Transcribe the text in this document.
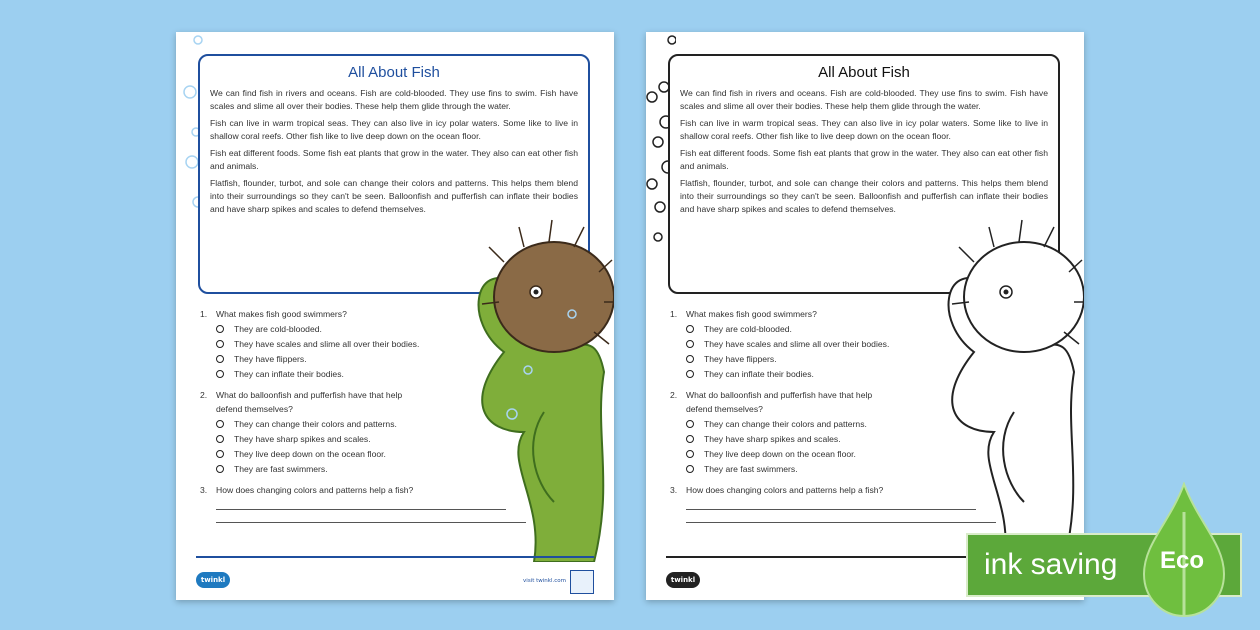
All About Fish

We can find fish in rivers and oceans. Fish are cold-blooded. They use fins to swim. Fish have scales and slime all over their bodies. These help them glide through the water.

Fish can live in warm tropical seas. They can also live in icy polar waters. Some like to live in shallow coral reefs. Other fish like to live deep down on the ocean floor.

Fish eat different foods. Some fish eat plants that grow in the water. They also can eat other fish and animals.

Flatfish, flounder, turbot, and sole can change their colors and patterns. This helps them blend into their surroundings so they can't be seen. Balloonfish and pufferfish can inflate their bodies and have sharp spikes and scales to defend themselves.

1.	What makes fish good swimmers?
They are cold-blooded.
They have scales and slime all over their bodies.
They have flippers.
They can inflate their bodies.
2.	What do balloonfish and pufferfish have that help defend themselves?
They can change their colors and patterns.
They have sharp spikes and scales.
They live deep down on the ocean floor.
They are fast swimmers.
3.	How does changing colors and patterns help a fish?
twinkl	visit twinkl.com
All About Fish

We can find fish in rivers and oceans. Fish are cold-blooded. They use fins to swim. Fish have scales and slime all over their bodies. These help them glide through the water.

Fish can live in warm tropical seas. They can also live in icy polar waters. Some like to live in shallow coral reefs. Other fish like to live deep down on the ocean floor.

Fish eat different foods. Some fish eat plants that grow in the water. They also can eat other fish and animals.

Flatfish, flounder, turbot, and sole can change their colors and patterns. This helps them blend into their surroundings so they can't be seen. Balloonfish and pufferfish can inflate their bodies and have sharp spikes and scales to defend themselves.

1.	What makes fish good swimmers?
They are cold-blooded.
They have scales and slime all over their bodies.
They have flippers.
They can inflate their bodies.
2.	What do balloonfish and pufferfish have that help defend themselves?
They can change their colors and patterns.
They have sharp spikes and scales.
They live deep down on the ocean floor.
They are fast swimmers.
3.	How does changing colors and patterns help a fish?
twinkl	ink saving Eco
